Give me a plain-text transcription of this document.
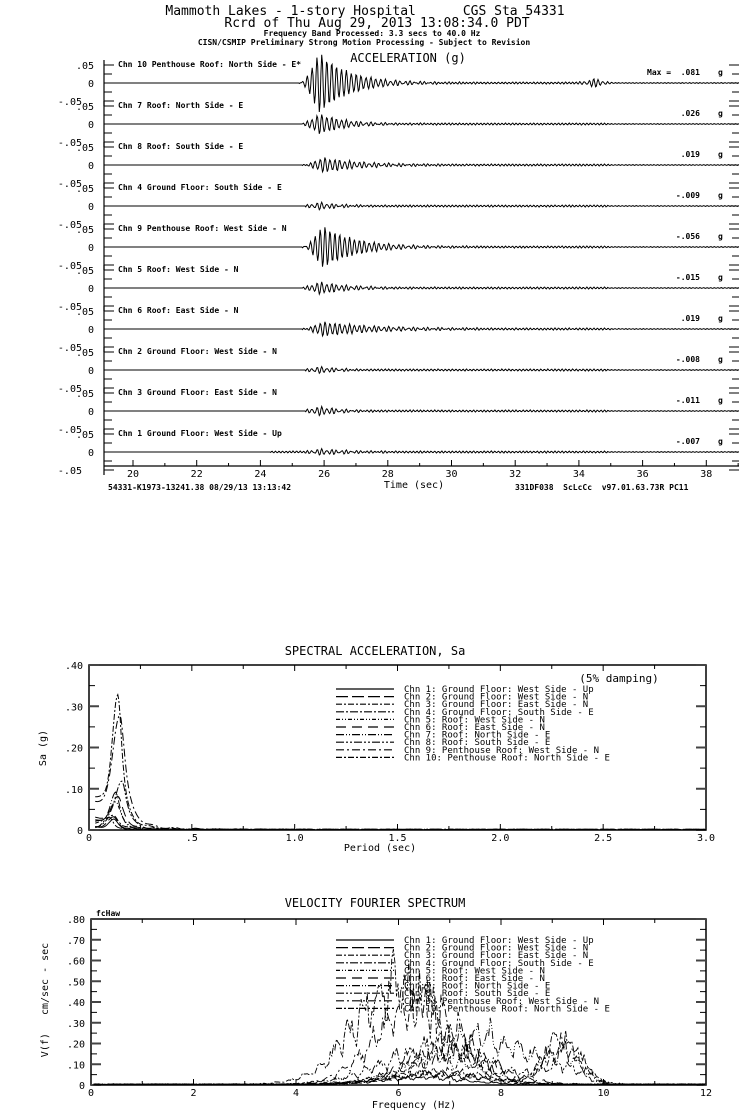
Mammoth Lakes - 1-story Hospital      CGS Sta 54331
Rcrd of Thu Aug 29, 2013 13:08:34.0 PDT
Frequency Band Processed: 3.3 secs to 40.0 Hz
CISN/CSMIP Preliminary Strong Motion Processing - Subject to Revision
ACCELERATION (g)
.05
0
-.05
Chn 10 Penthouse Roof: North Side - E*
Max = .081 g
.05
0
-.05
Chn 7 Roof: North Side - E
.026 g
.05
0
-.05
Chn 8 Roof: South Side - E
.019 g
.05
0
-.05
Chn 4 Ground Floor: South Side - E
-.009 g
.05
0
-.05
Chn 9 Penthouse Roof: West Side - N
-.056 g
.05
0
-.05
Chn 5 Roof: West Side - N
-.015 g
.05
0
-.05
Chn 6 Roof: East Side - N
.019 g
.05
0
-.05
Chn 2 Ground Floor: West Side - N
-.008 g
.05
0
-.05
Chn 3 Ground Floor: East Side - N
-.011 g
.05
0
-.05
Chn 1 Ground Floor: West Side - Up
-.007 g
20	22	24	26	28	30	32	34	36	38
Time (sec)
54331-K1973-13241.38 08/29/13 13:13:42	331DF038  ScLcCc  v97.01.63.73R PC11
SPECTRAL ACCELERATION, Sa
(5% damping)
Period (sec)
Sa (g)
0	.5	1.0	1.5	2.0	2.5	3.0
0
.10
.20
.30
.40
Chn 1: Ground Floor: West Side - Up
Chn 2: Ground Floor: West Side - N
Chn 3: Ground Floor: East Side - N
Chn 4: Ground Floor: South Side - E
Chn 5: Roof: West Side - N
Chn 6: Roof: East Side - N
Chn 7: Roof: North Side - E
Chn 8: Roof: South Side - E
Chn 9: Penthouse Roof: West Side - N
Chn 10: Penthouse Roof: North Side - E
VELOCITY FOURIER SPECTRUM
fcHaw
Frequency (Hz)
V(f)   cm/sec - sec
0	2	4	6	8	10	12
0
.10
.20
.30
.40
.50
.60
.70
.80
Chn 1: Ground Floor: West Side - Up
Chn 2: Ground Floor: West Side - N
Chn 3: Ground Floor: East Side - N
Chn 4: Ground Floor: South Side - E
Chn 5: Roof: West Side - N
Chn 6: Roof: East Side - N
Chn 7: Roof: North Side - E
Chn 8: Roof: South Side - E
Chn 9: Penthouse Roof: West Side - N
Chn 10: Penthouse Roof: North Side - E
